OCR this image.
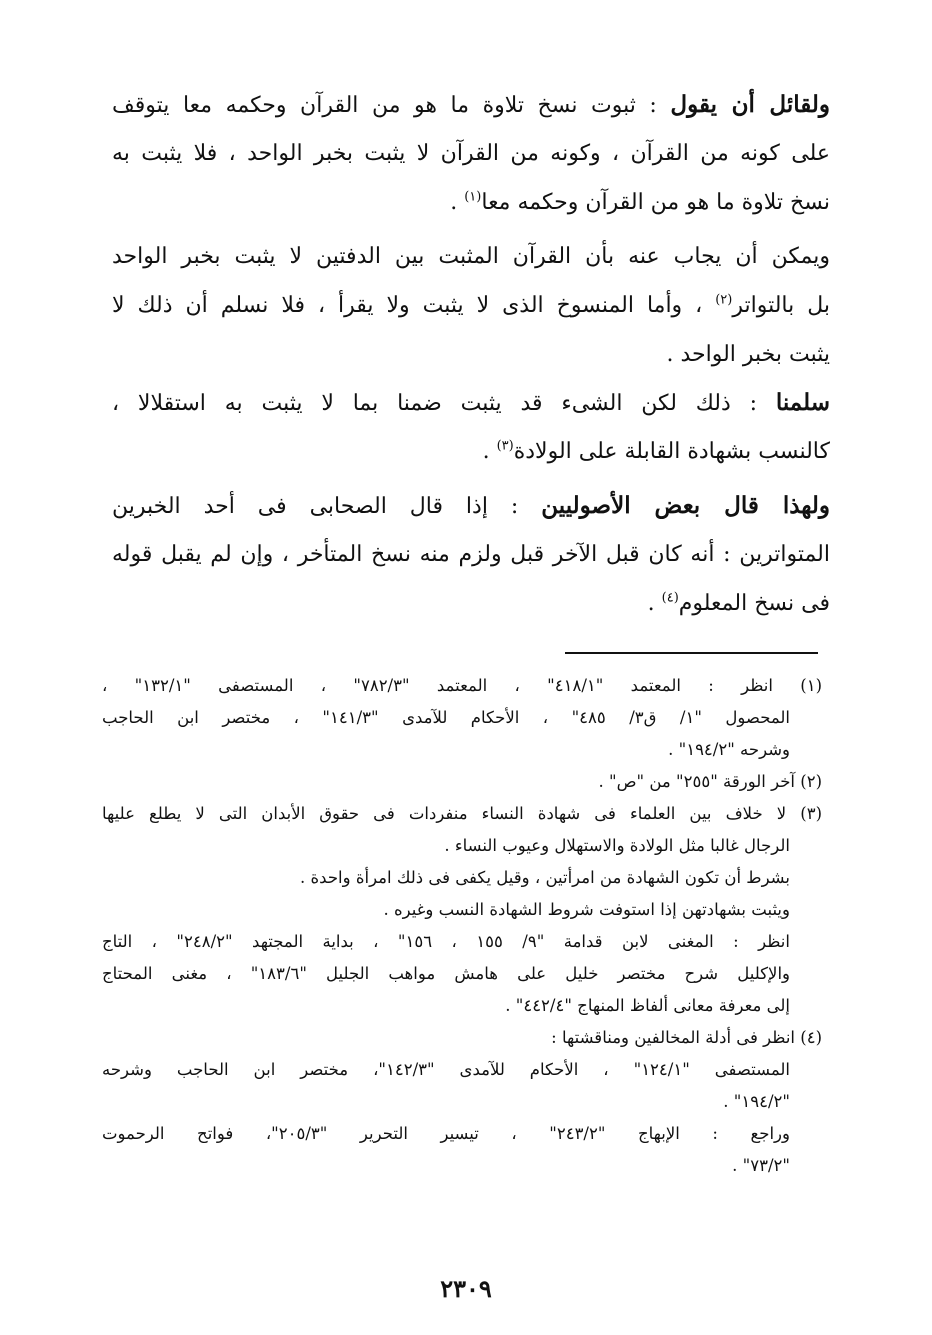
ولقائل أن يقول : ثبوت نسخ تلاوة ما هو من القرآن وحكمه معا يتوقف
على كونه من القرآن ، وكونه من القرآن لا يثبت بخبر الواحد ، فلا يثبت به
نسخ تلاوة ما هو من القرآن وحكمه معا$^{(١)}$ .
ويمكن أن يجاب عنه بأن القرآن المثبت بين الدفتين لا يثبت بخبر الواحد
بل بالتواتر$^{(٢)}$ ، وأما المنسوخ الذى لا يثبت ولا يقرأ ، فلا نسلم أن ذلك لا
يثبت بخبر الواحد .
سلمنا : ذلك لكن الشىء قد يثبت ضمنا بما لا يثبت به استقلالا ،
كالنسب بشهادة القابلة على الولادة$^{(٣)}$ .
ولهذا قال بعض الأصوليين : إذا قال الصحابى فى أحد الخبرين
المتواترين : أنه كان قبل الآخر قبل ولزم منه نسخ المتأخر ، وإن لم يقبل قوله
فى نسخ المعلوم$^{(٤)}$ .
(١) انظر : المعتمد "٤١٨/١" ، المعتمد "٧٨٢/٣" ، المستصفى "١٣٢/١" ،
المحصول "١/ ق٣/ ٤٨٥" ، الأحكام للآمدى "١٤١/٣" ، مختصر ابن الحاجب
وشرحه "١٩٤/٢" .
(٢) آخر الورقة "٢٥٥" من "ص" .
(٣) لا خلاف بين العلماء فى شهادة النساء منفردات فى حقوق الأبدان التى لا يطلع عليها
الرجال غالبا مثل الولادة والاستهلال وعيوب النساء .
بشرط أن تكون الشهادة من امرأتين ، وقيل يكفى فى ذلك امرأة واحدة .
ويثبت بشهادتهن إذا استوفت شروط الشهادة النسب وغيره .
انظر : المغنى لابن قدامة "٩/ ١٥٥ ، ١٥٦" ، بداية المجتهد "٢٤٨/٢" ، التاج
والإكليل شرح مختصر خليل على هامش مواهب الجليل "١٨٣/٦" ، مغنى المحتاج
إلى معرفة معانى ألفاظ المنهاج "٤٤٢/٤" .
(٤) انظر فى أدلة المخالفين ومناقشتها :
المستصفى "١٢٤/١" ، الأحكام للآمدى "١٤٢/٣"، مختصر ابن الحاجب وشرحه
"١٩٤/٢" .
وراجع : الإبهاج "٢٤٣/٢" ، تيسير التحرير "٢٠٥/٣"، فواتح الرحموت
"٧٣/٢" .
٢٣٠٩
